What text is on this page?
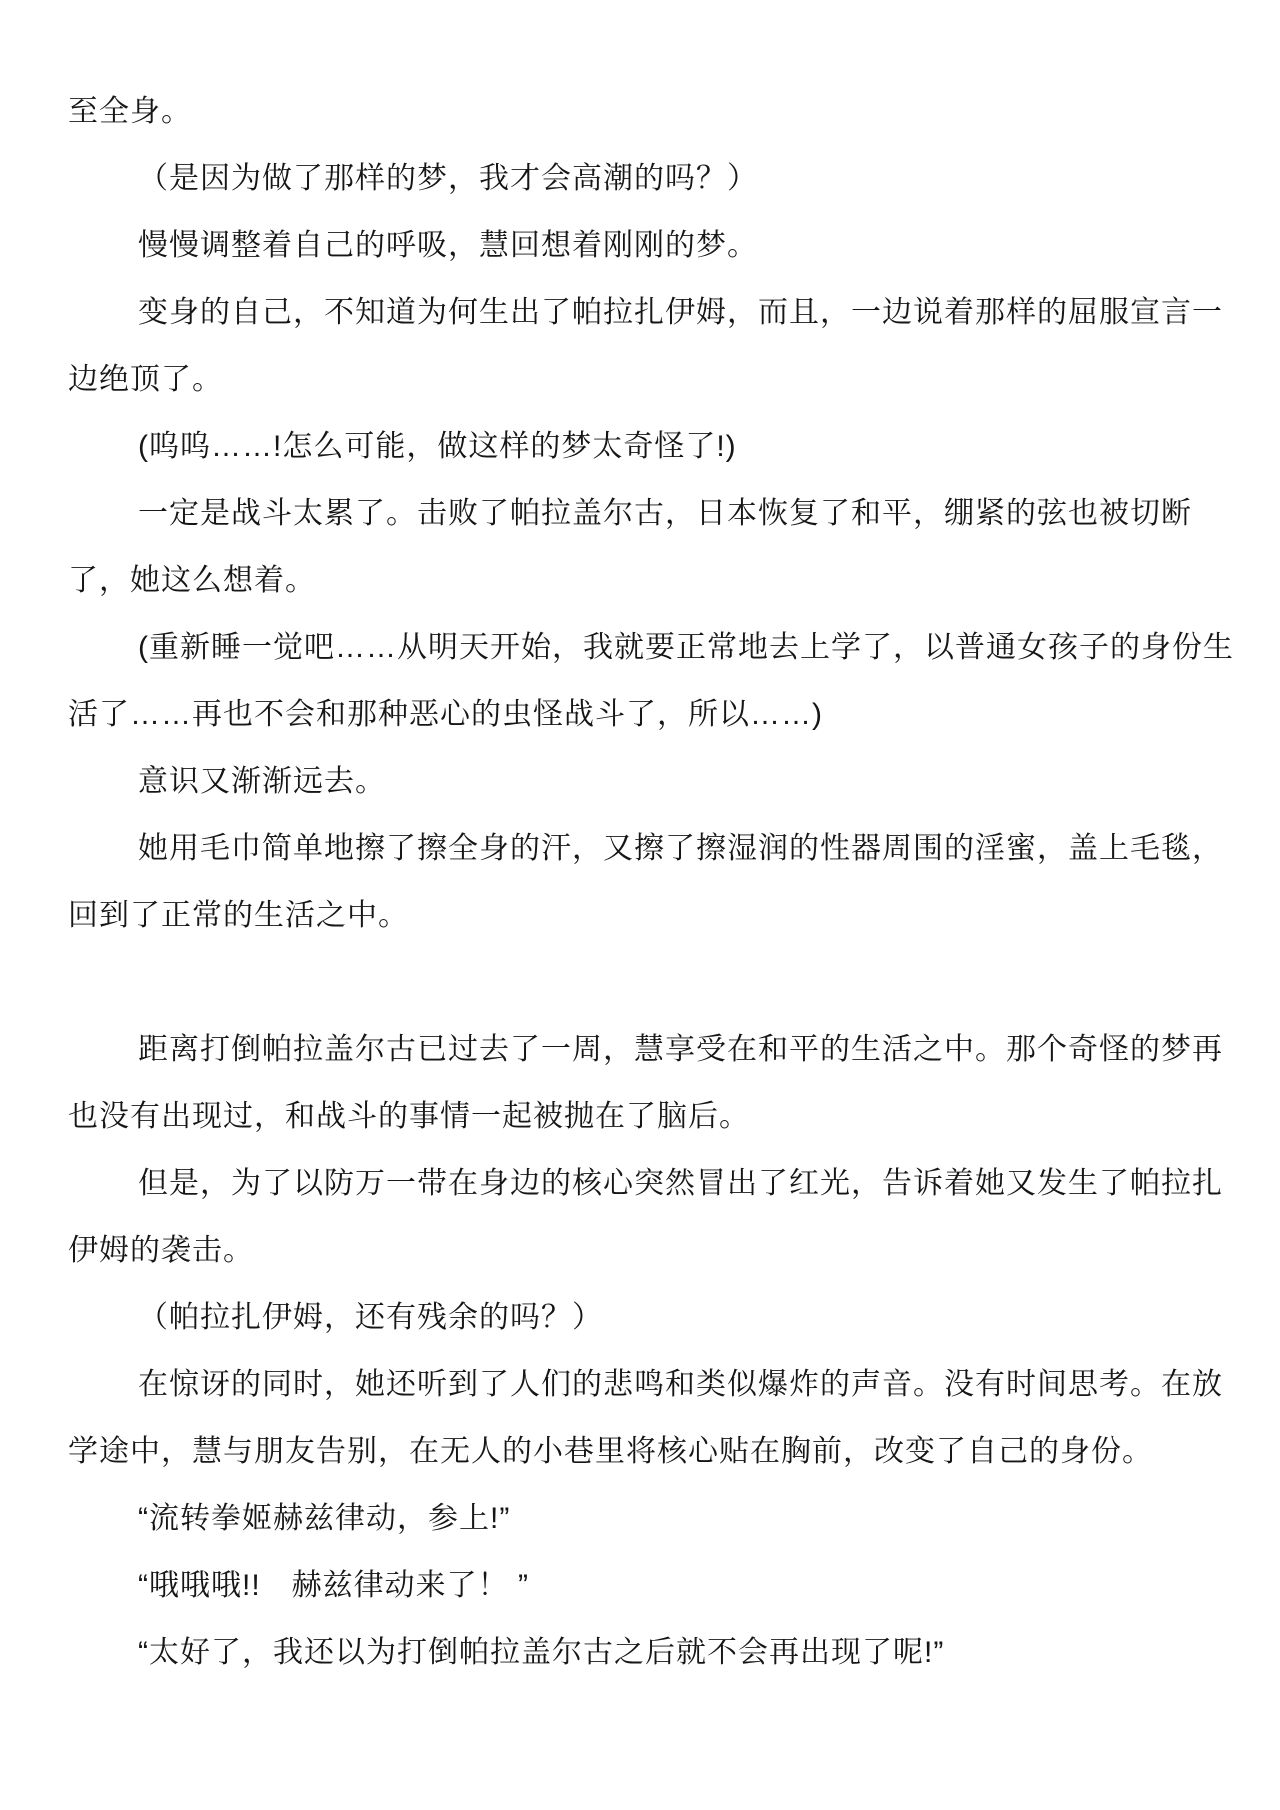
至全身。
（是因为做了那样的梦，我才会高潮的吗？）
慢慢调整着自己的呼吸，慧回想着刚刚的梦。
变身的自己，不知道为何生出了帕拉扎伊姆，而且，一边说着那样的屈服宣言一
边绝顶了。
(呜呜……!怎么可能，做这样的梦太奇怪了!)
一定是战斗太累了。击败了帕拉盖尔古，日本恢复了和平，绷紧的弦也被切断
了，她这么想着。
(重新睡一觉吧……从明天开始，我就要正常地去上学了，以普通女孩子的身份生
活了……再也不会和那种恶心的虫怪战斗了，所以……)
意识又渐渐远去。
她用毛巾简单地擦了擦全身的汗，又擦了擦湿润的性器周围的淫蜜，盖上毛毯，
回到了正常的生活之中。
距离打倒帕拉盖尔古已过去了一周，慧享受在和平的生活之中。那个奇怪的梦再
也没有出现过，和战斗的事情一起被抛在了脑后。
但是，为了以防万一带在身边的核心突然冒出了红光，告诉着她又发生了帕拉扎
伊姆的袭击。
（帕拉扎伊姆，还有残余的吗？）
在惊讶的同时，她还听到了人们的悲鸣和类似爆炸的声音。没有时间思考。在放
学途中，慧与朋友告别，在无人的小巷里将核心贴在胸前，改变了自己的身份。
“流转拳姬赫兹律动，参上!”
“哦哦哦!!　赫兹律动来了！ ”
“太好了，我还以为打倒帕拉盖尔古之后就不会再出现了呢!”
